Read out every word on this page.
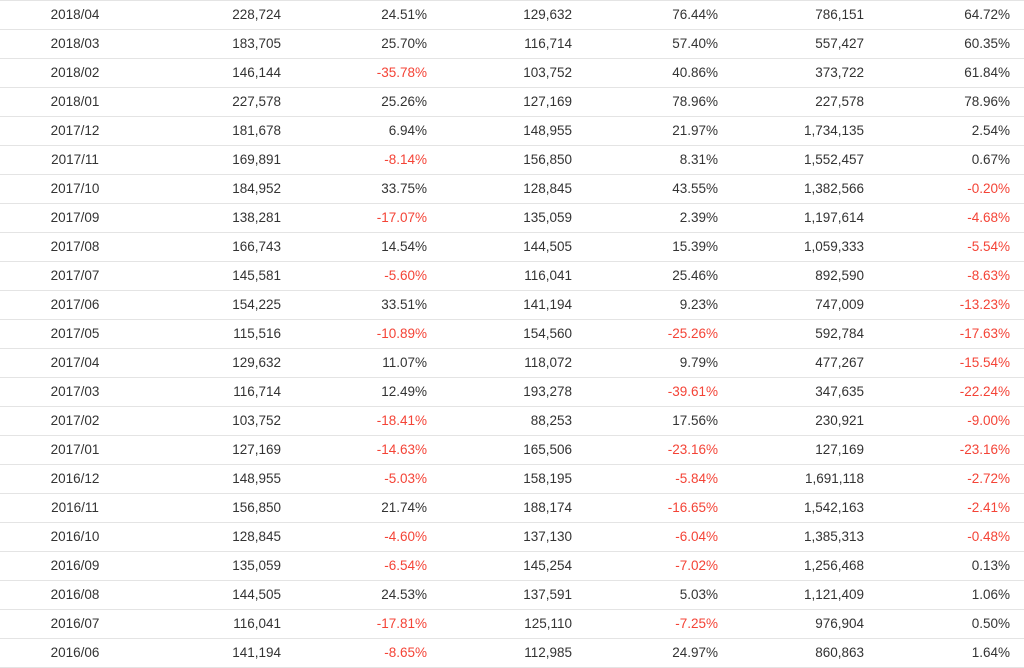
2018/04	228,724	24.51%	129,632	76.44%	786,151	64.72%
2018/03	183,705	25.70%	116,714	57.40%	557,427	60.35%
2018/02	146,144	-35.78%	103,752	40.86%	373,722	61.84%
2018/01	227,578	25.26%	127,169	78.96%	227,578	78.96%
2017/12	181,678	6.94%	148,955	21.97%	1,734,135	2.54%
2017/11	169,891	-8.14%	156,850	8.31%	1,552,457	0.67%
2017/10	184,952	33.75%	128,845	43.55%	1,382,566	-0.20%
2017/09	138,281	-17.07%	135,059	2.39%	1,197,614	-4.68%
2017/08	166,743	14.54%	144,505	15.39%	1,059,333	-5.54%
2017/07	145,581	-5.60%	116,041	25.46%	892,590	-8.63%
2017/06	154,225	33.51%	141,194	9.23%	747,009	-13.23%
2017/05	115,516	-10.89%	154,560	-25.26%	592,784	-17.63%
2017/04	129,632	11.07%	118,072	9.79%	477,267	-15.54%
2017/03	116,714	12.49%	193,278	-39.61%	347,635	-22.24%
2017/02	103,752	-18.41%	88,253	17.56%	230,921	-9.00%
2017/01	127,169	-14.63%	165,506	-23.16%	127,169	-23.16%
2016/12	148,955	-5.03%	158,195	-5.84%	1,691,118	-2.72%
2016/11	156,850	21.74%	188,174	-16.65%	1,542,163	-2.41%
2016/10	128,845	-4.60%	137,130	-6.04%	1,385,313	-0.48%
2016/09	135,059	-6.54%	145,254	-7.02%	1,256,468	0.13%
2016/08	144,505	24.53%	137,591	5.03%	1,121,409	1.06%
2016/07	116,041	-17.81%	125,110	-7.25%	976,904	0.50%
2016/06	141,194	-8.65%	112,985	24.97%	860,863	1.64%
